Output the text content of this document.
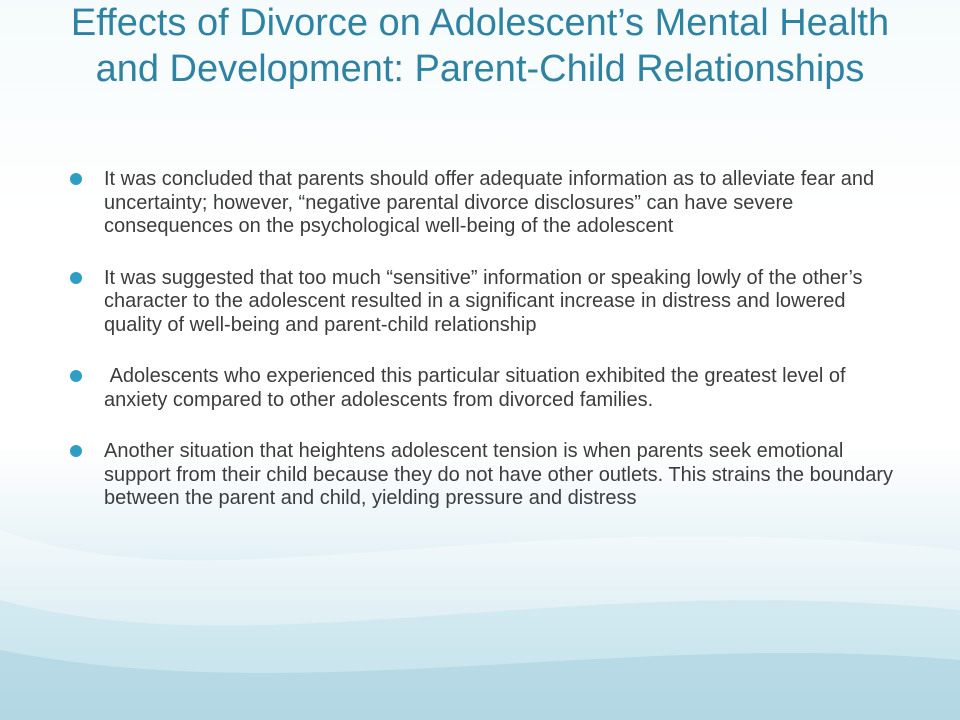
Effects of Divorce on Adolescent’s Mental Health and Development: Parent-Child Relationships
It was concluded that parents should offer adequate information as to alleviate fear and uncertainty; however, “negative parental divorce disclosures” can have severe consequences on the psychological well-being of the adolescent
It was suggested that too much “sensitive” information or speaking lowly of the other’s character to the adolescent resulted in a significant increase in distress and lowered quality of well-being and parent-child relationship
Adolescents who experienced this particular situation exhibited the greatest level of anxiety compared to other adolescents from divorced families.
Another situation that heightens adolescent tension is when parents seek emotional support from their child because they do not have other outlets. This strains the boundary between the parent and child, yielding pressure and distress
